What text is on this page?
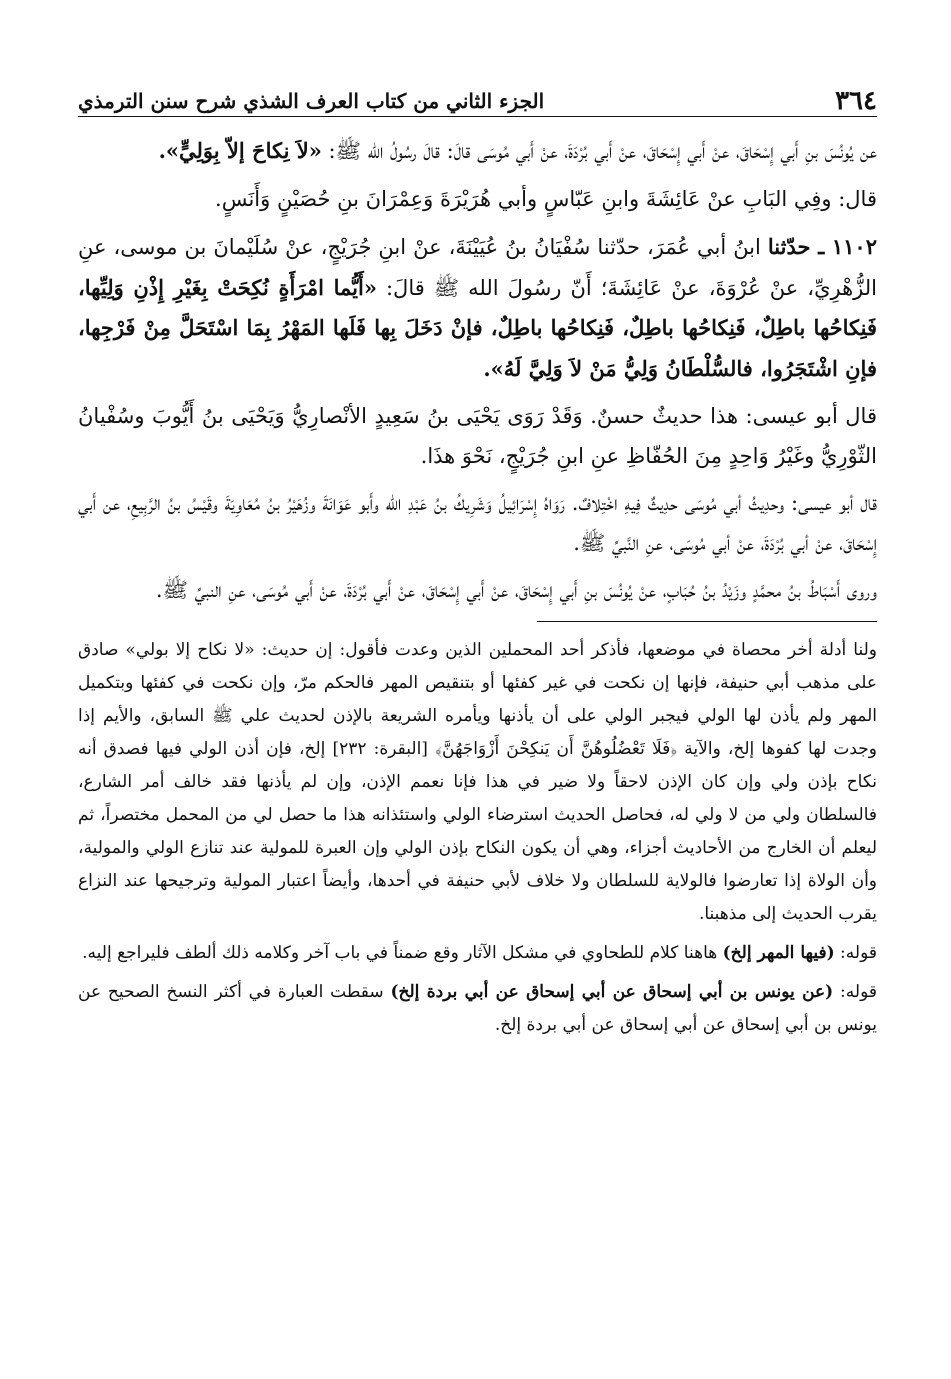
٣٦٤
الجزء الثاني من كتاب العرف الشذي شرح سنن الترمذي

عن يُونُسَ بنِ أَبي إِسْحَاقَ، عنْ أَبي إِسْحَاقَ، عنْ أَبي بُرْدَةَ، عنْ أَبي مُوسَى قالَ: قالَ رسُولُ الله ﷺ: «لاَ نِكاحَ إلاّ بِوَلِيٍّ».

قال: وفِي البَابِ عنْ عَائِشَةَ وابنِ عَبّاسٍ وأبي هُرَيْرَةَ وَعِمْرَانَ بنِ حُصَيْنٍ وَأَنَسٍ.

١١٠٢ ـ حدّثنا ابنُ أبي عُمَرَ، حدّثنا سُفْيَانُ بنُ عُيَيْنَةَ، عنْ ابنِ جُرَيْجٍ، عنْ سُلَيْمانَ بن موسى، عنِ الزُّهْرِيِّ، عنْ عُرْوَةَ، عنْ عَائِشَةَ؛ أَنّ رسُولَ الله ﷺ قالَ: «أَيُّما امْرَأَةٍ نُكِحَتْ بِغَيْرِ إِذْنِ وَلِيِّها، فَنِكاحُها باطِلٌ، فَنِكاحُها باطِلٌ، فَنِكاحُها باطِلٌ، فإنْ دَخَلَ بِها فَلَها المَهْرُ بِمَا اسْتَحَلَّ مِنْ فَرْجِها، فإنِ اشْتَجَرُوا، فالسُّلْطَانُ وَلِيُّ مَنْ لاَ وَلِيَّ لَهُ».

قال أبو عيسى: هذا حديثٌ حسنٌ. وَقَدْ رَوَى يَحْيَى بنُ سَعِيدٍ الأنْصارِيُّ وَيَحْيَى بنُ أَيُّوبَ وسُفْيانُ الثّوْرِيُّ وغَيْرُ وَاحِدٍ مِنَ الحُفّاظِ عنِ ابنِ جُرَيْجٍ، نَحْوَ هذَا.

قال أبو عيسى: وحدِيثُ أبي مُوسَى حدِيثٌ فِيهِ اخْتِلافٌ. رَوَاهُ إِسْرَائِيلُ وَشَرِيكُ بنُ عَبْدِ الله وأَبو عَوَانَةَ وزُهَيْرُ بنُ مُعَاوِيَةَ وقَيْسُ بنُ الرَّبِيعِ، عن أَبي إِسْحَاقَ، عنْ أبي بُرْدَةَ، عنْ أبي مُوسَى، عنِ النَّبيِّ ﷺ.

وروى أَسْبَاطُ بنُ محمَّدٍ وزَيْدُ بنُ حُبَابٍ، عنْ يُونُسَ بنِ أَبي إِسْحَاقَ، عنْ أَبي إِسْحَاقَ، عنْ أَبي بُرْدَةَ، عنْ أَبي مُوسَى، عنِ النبيِّ ﷺ.

ولنا أدلة أخر محصاة في موضعها، فأذكر أحد المحملين الذين وعدت فأقول: إن حديث: «لا نكاح إلا بولي» صادق على مذهب أبي حنيفة، فإنها إن نكحت في غير كفئها أو بتنقيص المهر فالحكم مرّ، وإن نكحت في كفئها وبتكميل المهر ولم يأذن لها الولي فيجبر الولي على أن يأذنها ويأمره الشريعة بالإذن لحديث علي ﷺ السابق، والأيم إذا وجدت لها كفوها إلخ، والآية ﴿فَلَا تَعْضُلُوهُنَّ أَن يَنكِحْنَ أَزْوَاجَهُنَّ﴾ [البقرة: ٢٣٢] إلخ، فإن أذن الولي فيها فصدق أنه نكاح بإذن ولي وإن كان الإذن لاحقاً ولا ضير في هذا فإنا نعمم الإذن، وإن لم يأذنها فقد خالف أمر الشارع، فالسلطان ولي من لا ولي له، فحاصل الحديث استرضاء الولي واستئذانه هذا ما حصل لي من المحمل مختصراً، ثم ليعلم أن الخارج من الأحاديث أجزاء، وهي أن يكون النكاح بإذن الولي وإن العبرة للمولية عند تنازع الولي والمولية، وأن الولاة إذا تعارضوا فالولاية للسلطان ولا خلاف لأبي حنيفة في أحدها، وأيضاً اعتبار المولية وترجيحها عند النزاع يقرب الحديث إلى مذهبنا.

قوله: (فيها المهر إلخ) هاهنا كلام للطحاوي في مشكل الآثار وقع ضمناً في باب آخر وكلامه ذلك ألطف فليراجع إليه.

قوله: (عن يونس بن أبي إسحاق عن أبي إسحاق عن أبي بردة إلخ) سقطت العبارة في أكثر النسخ الصحيح عن يونس بن أبي إسحاق عن أبي إسحاق عن أبي بردة إلخ.
